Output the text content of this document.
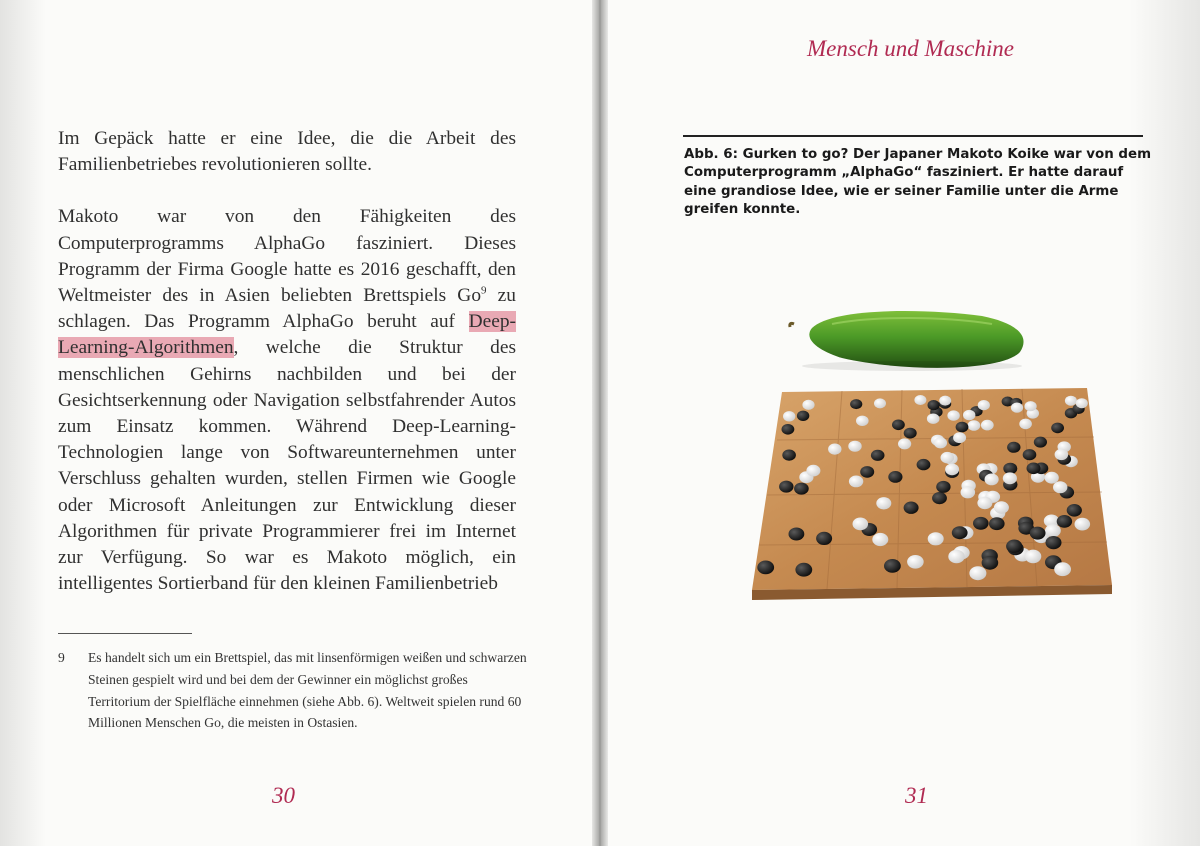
Im Gepäck hatte er eine Idee, die die Arbeit des Familienbetriebes revolutionieren sollte.

Makoto war von den Fähigkeiten des Computerprogramms AlphaGo fasziniert. Dieses Programm der Firma Google hatte es 2016 geschafft, den Weltmeister des in Asien beliebten Brettspiels Go$^9$ zu schlagen. Das Programm AlphaGo beruht auf Deep-Learning-Algorithmen, welche die Struktur des menschlichen Gehirns nachbilden und bei der Gesichtserkennung oder Navigation selbstfahrender Autos zum Einsatz kommen. Während Deep-Learning-Technologien lange von Softwareunternehmen unter Verschluss gehalten wurden, stellen Firmen wie Google oder Microsoft Anleitungen zur Entwicklung dieser Algorithmen für private Programmierer frei im Internet zur Verfügung. So war es Makoto möglich, ein intelligentes Sortierband für den kleinen Familienbetrieb

9 Es handelt sich um ein Brettspiel, das mit linsenförmigen weißen und schwarzen Steinen gespielt wird und bei dem der Gewinner ein möglichst großes Territorium der Spielfläche einnehmen (siehe Abb. 6). Weltweit spielen rund 60 Millionen Menschen Go, die meisten in Ostasien.
30
Mensch und Maschine

Abb. 6: Gurken to go? Der Japaner Makoto Koike war von dem Computerprogramm „AlphaGo“ fasziniert. Er hatte darauf eine grandiose Idee, wie er seiner Familie unter die Arme greifen konnte.

31
